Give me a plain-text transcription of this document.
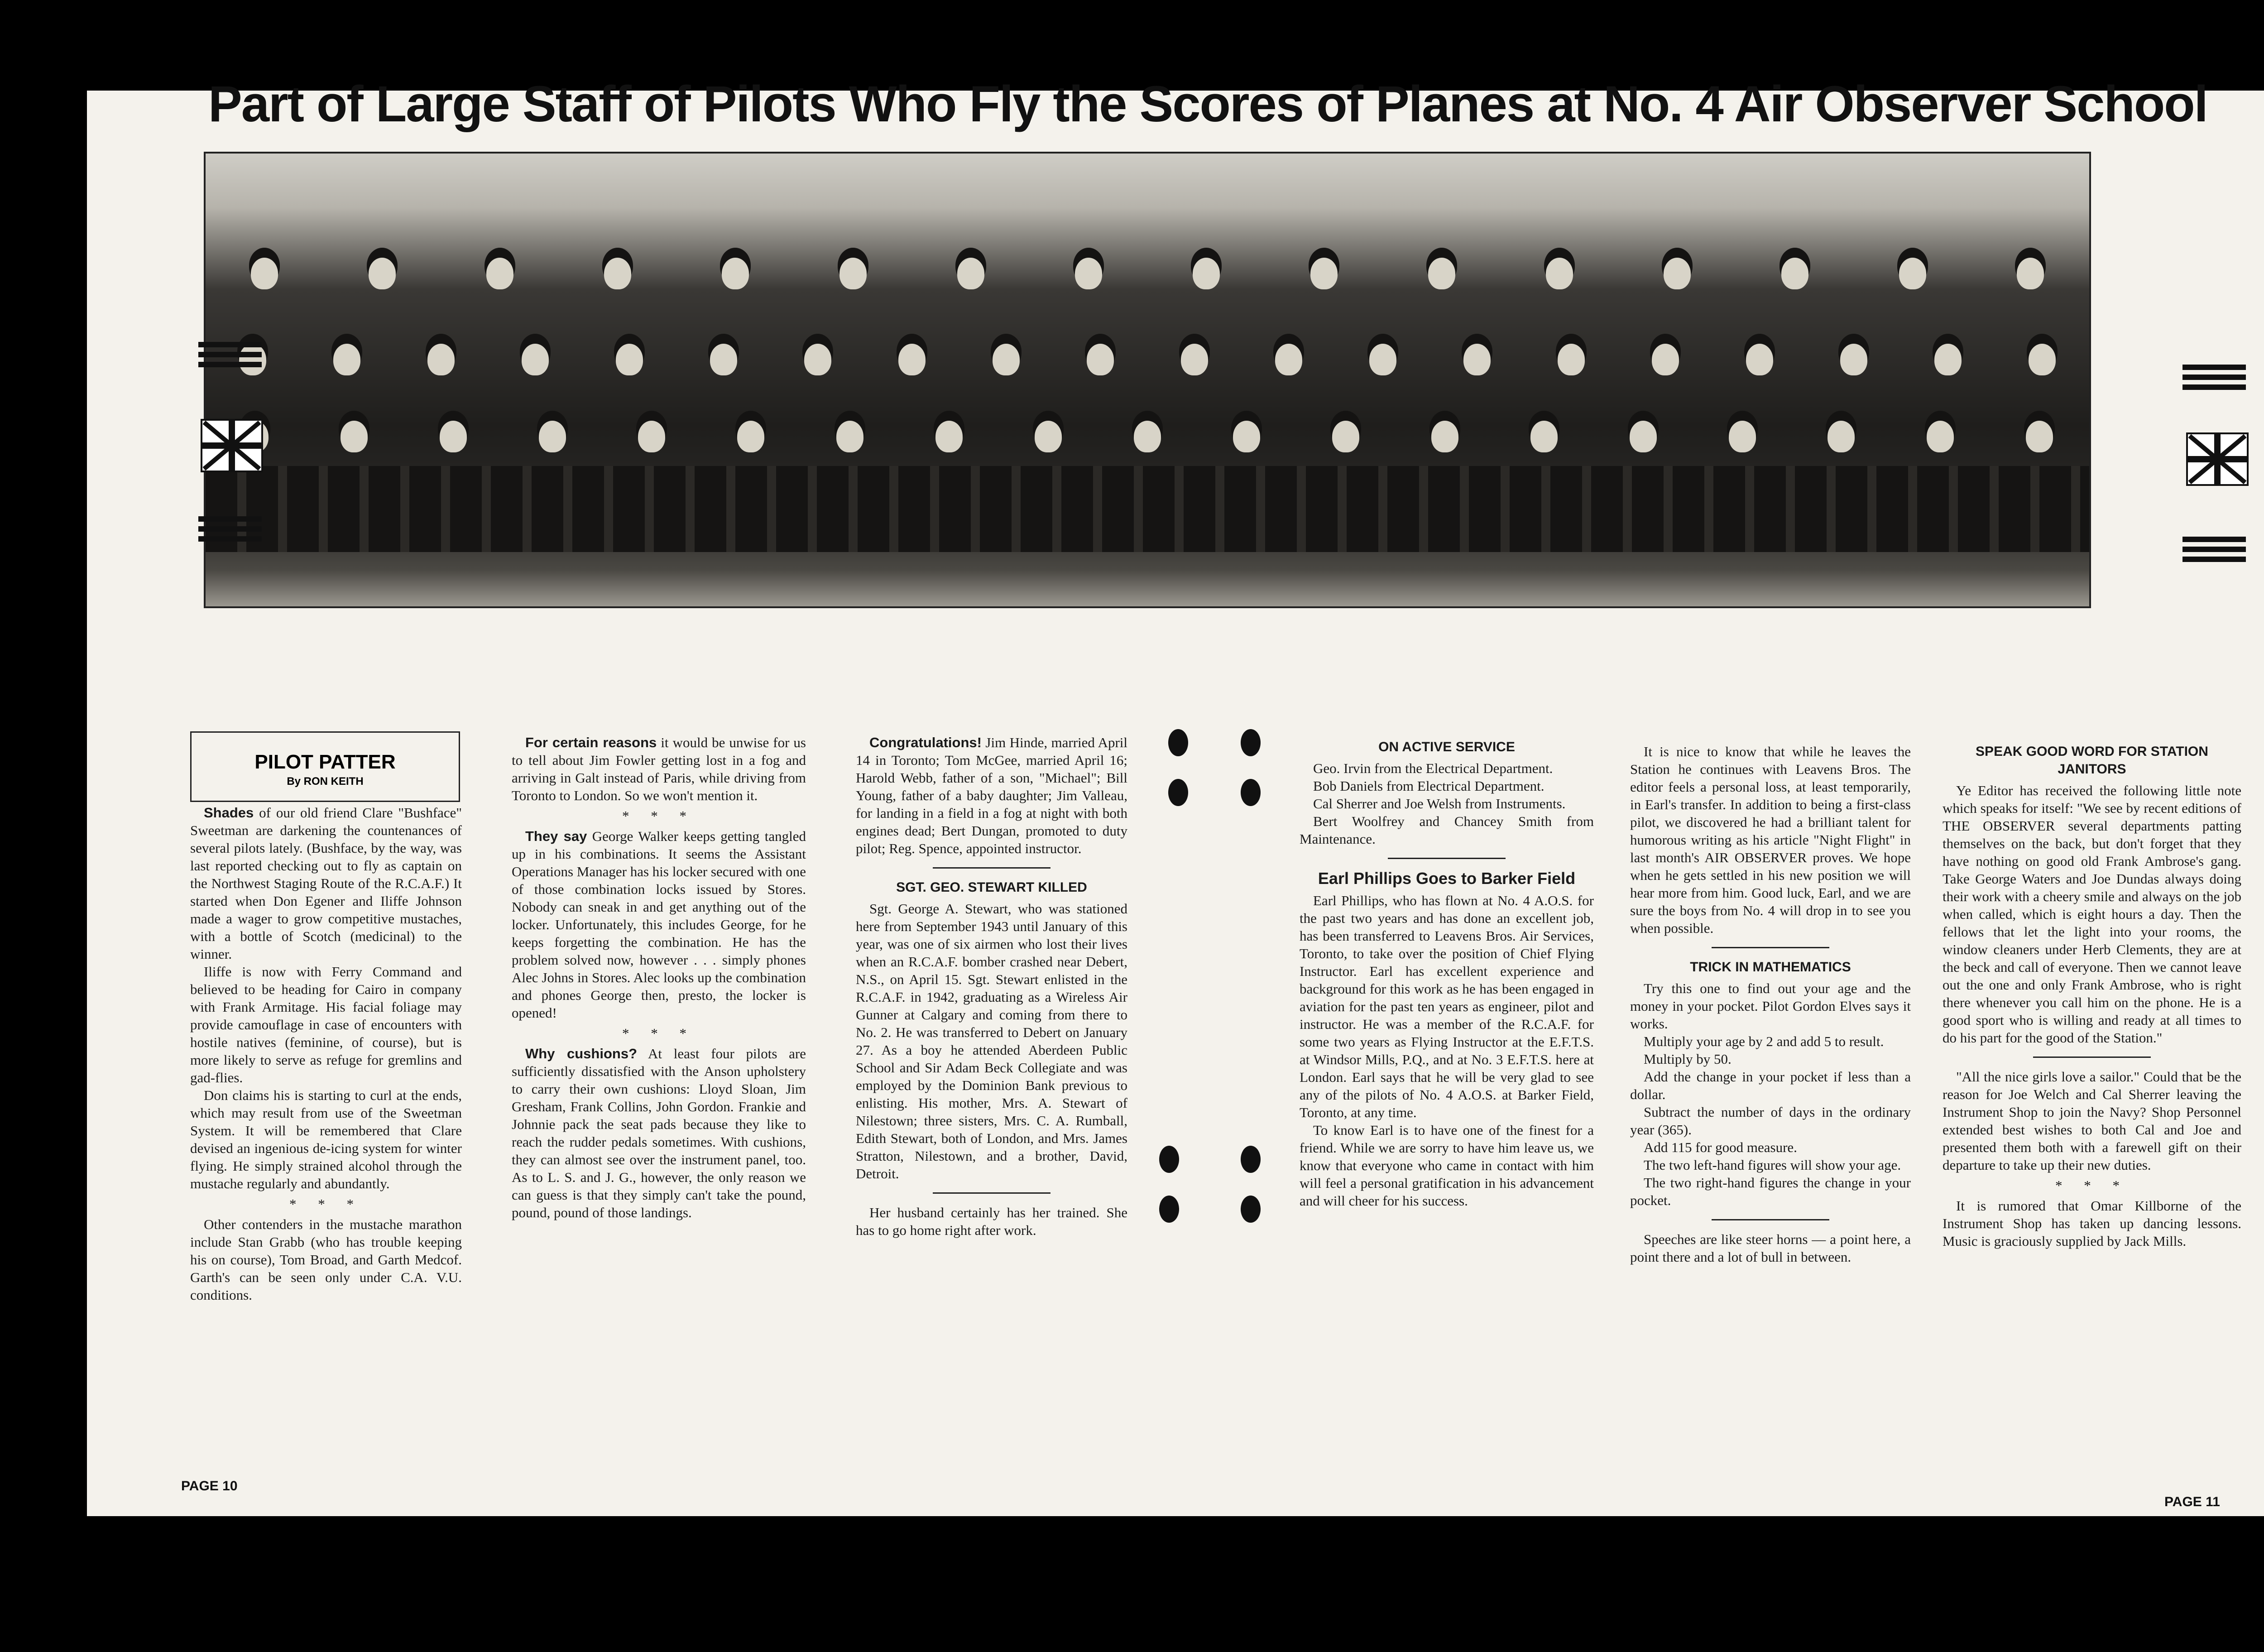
Part of Large Staff of Pilots Who Fly the Scores of Planes at No. 4 Air Observer School
PILOT PATTER
By RON KEITH

Shades of our old friend Clare "Bushface" Sweetman are darkening the countenances of several pilots lately. (Bushface, by the way, was last reported checking out to fly as captain on the Northwest Staging Route of the R.C.A.F.) It started when Don Egener and Iliffe Johnson made a wager to grow competitive mustaches, with a bottle of Scotch (medicinal) to the winner.

Iliffe is now with Ferry Command and believed to be heading for Cairo in company with Frank Armitage. His facial foliage may provide camouflage in case of encounters with hostile natives (feminine, of course), but is more likely to serve as refuge for gremlins and gad-flies.

Don claims his is starting to curl at the ends, which may result from use of the Sweetman System. It will be remembered that Clare devised an ingenious de-icing system for winter flying. He simply strained alcohol through the mustache regularly and abundantly.

* * *

Other contenders in the mustache marathon include Stan Grabb (who has trouble keeping his on course), Tom Broad, and Garth Medcof. Garth's can be seen only under C.A. V.U. conditions.

For certain reasons it would be unwise for us to tell about Jim Fowler getting lost in a fog and arriving in Galt instead of Paris, while driving from Toronto to London. So we won't mention it.

* * *

They say George Walker keeps getting tangled up in his combinations. It seems the Assistant Operations Manager has his locker secured with one of those combination locks issued by Stores. Nobody can sneak in and get anything out of the locker. Unfortunately, this includes George, for he keeps forgetting the combination. He has the problem solved now, however . . . simply phones Alec Johns in Stores. Alec looks up the combination and phones George then, presto, the locker is opened!

* * *

Why cushions? At least four pilots are sufficiently dissatisfied with the Anson upholstery to carry their own cushions: Lloyd Sloan, Jim Gresham, Frank Collins, John Gordon. Frankie and Johnnie pack the seat pads because they like to reach the rudder pedals sometimes. With cushions, they can almost see over the instrument panel, too. As to L. S. and J. G., however, the only reason we can guess is that they simply can't take the pound, pound, pound of those landings.

Congratulations! Jim Hinde, married April 14 in Toronto; Tom McGee, married April 16; Harold Webb, father of a son, "Michael"; Bill Young, father of a baby daughter; Jim Valleau, for landing in a field in a fog at night with both engines dead; Bert Dungan, promoted to duty pilot; Reg. Spence, appointed instructor.

SGT. GEO. STEWART KILLED

Sgt. George A. Stewart, who was stationed here from September 1943 until January of this year, was one of six airmen who lost their lives when an R.C.A.F. bomber crashed near Debert, N.S., on April 15. Sgt. Stewart enlisted in the R.C.A.F. in 1942, graduating as a Wireless Air Gunner at Calgary and coming from there to No. 2. He was transferred to Debert on January 27. As a boy he attended Aberdeen Public School and Sir Adam Beck Collegiate and was employed by the Dominion Bank previous to enlisting. His mother, Mrs. A. Stewart of Nilestown; three sisters, Mrs. C. A. Rumball, Edith Stewart, both of London, and Mrs. James Stratton, Nilestown, and a brother, David, Detroit.

Her husband certainly has her trained. She has to go home right after work.

ON ACTIVE SERVICE

Geo. Irvin from the Electrical Department.

Bob Daniels from Electrical Department.

Cal Sherrer and Joe Welsh from Instruments.

Bert Woolfrey and Chancey Smith from Maintenance.

Earl Phillips Goes to Barker Field

Earl Phillips, who has flown at No. 4 A.O.S. for the past two years and has done an excellent job, has been transferred to Leavens Bros. Air Services, Toronto, to take over the position of Chief Flying Instructor. Earl has excellent experience and background for this work as he has been engaged in aviation for the past ten years as engineer, pilot and instructor. He was a member of the R.C.A.F. for some two years as Flying Instructor at the E.F.T.S. at Windsor Mills, P.Q., and at No. 3 E.F.T.S. here at London. Earl says that he will be very glad to see any of the pilots of No. 4 A.O.S. at Barker Field, Toronto, at any time.

To know Earl is to have one of the finest for a friend. While we are sorry to have him leave us, we know that everyone who came in contact with him will feel a personal gratification in his advancement and will cheer for his success.

It is nice to know that while he leaves the Station he continues with Leavens Bros. The editor feels a personal loss, at least temporarily, in Earl's transfer. In addition to being a first-class pilot, we discovered he had a brilliant talent for humorous writing as his article "Night Flight" in last month's AIR OBSERVER proves. We hope when he gets settled in his new position we will hear more from him. Good luck, Earl, and we are sure the boys from No. 4 will drop in to see you when possible.

TRICK IN MATHEMATICS

Try this one to find out your age and the money in your pocket. Pilot Gordon Elves says it works.

Multiply your age by 2 and add 5 to result.

Multiply by 50.

Add the change in your pocket if less than a dollar.

Subtract the number of days in the ordinary year (365).

Add 115 for good measure.

The two left-hand figures will show your age.

The two right-hand figures the change in your pocket.

Speeches are like steer horns — a point here, a point there and a lot of bull in between.

SPEAK GOOD WORD FOR STATION JANITORS

Ye Editor has received the following little note which speaks for itself: "We see by recent editions of THE OBSERVER several departments patting themselves on the back, but don't forget that they have nothing on good old Frank Ambrose's gang. Take George Waters and Joe Dundas always doing their work with a cheery smile and always on the job when called, which is eight hours a day. Then the fellows that let the light into your rooms, the window cleaners under Herb Clements, they are at the beck and call of everyone. Then we cannot leave out the one and only Frank Ambrose, who is right there whenever you call him on the phone. He is a good sport who is willing and ready at all times to do his part for the good of the Station."

"All the nice girls love a sailor." Could that be the reason for Joe Welch and Cal Sherrer leaving the Instrument Shop to join the Navy? Shop Personnel extended best wishes to both Cal and Joe and presented them both with a farewell gift on their departure to take up their new duties.

* * *

It is rumored that Omar Killborne of the Instrument Shop has taken up dancing lessons. Music is graciously supplied by Jack Mills.

PAGE 10
PAGE 11
